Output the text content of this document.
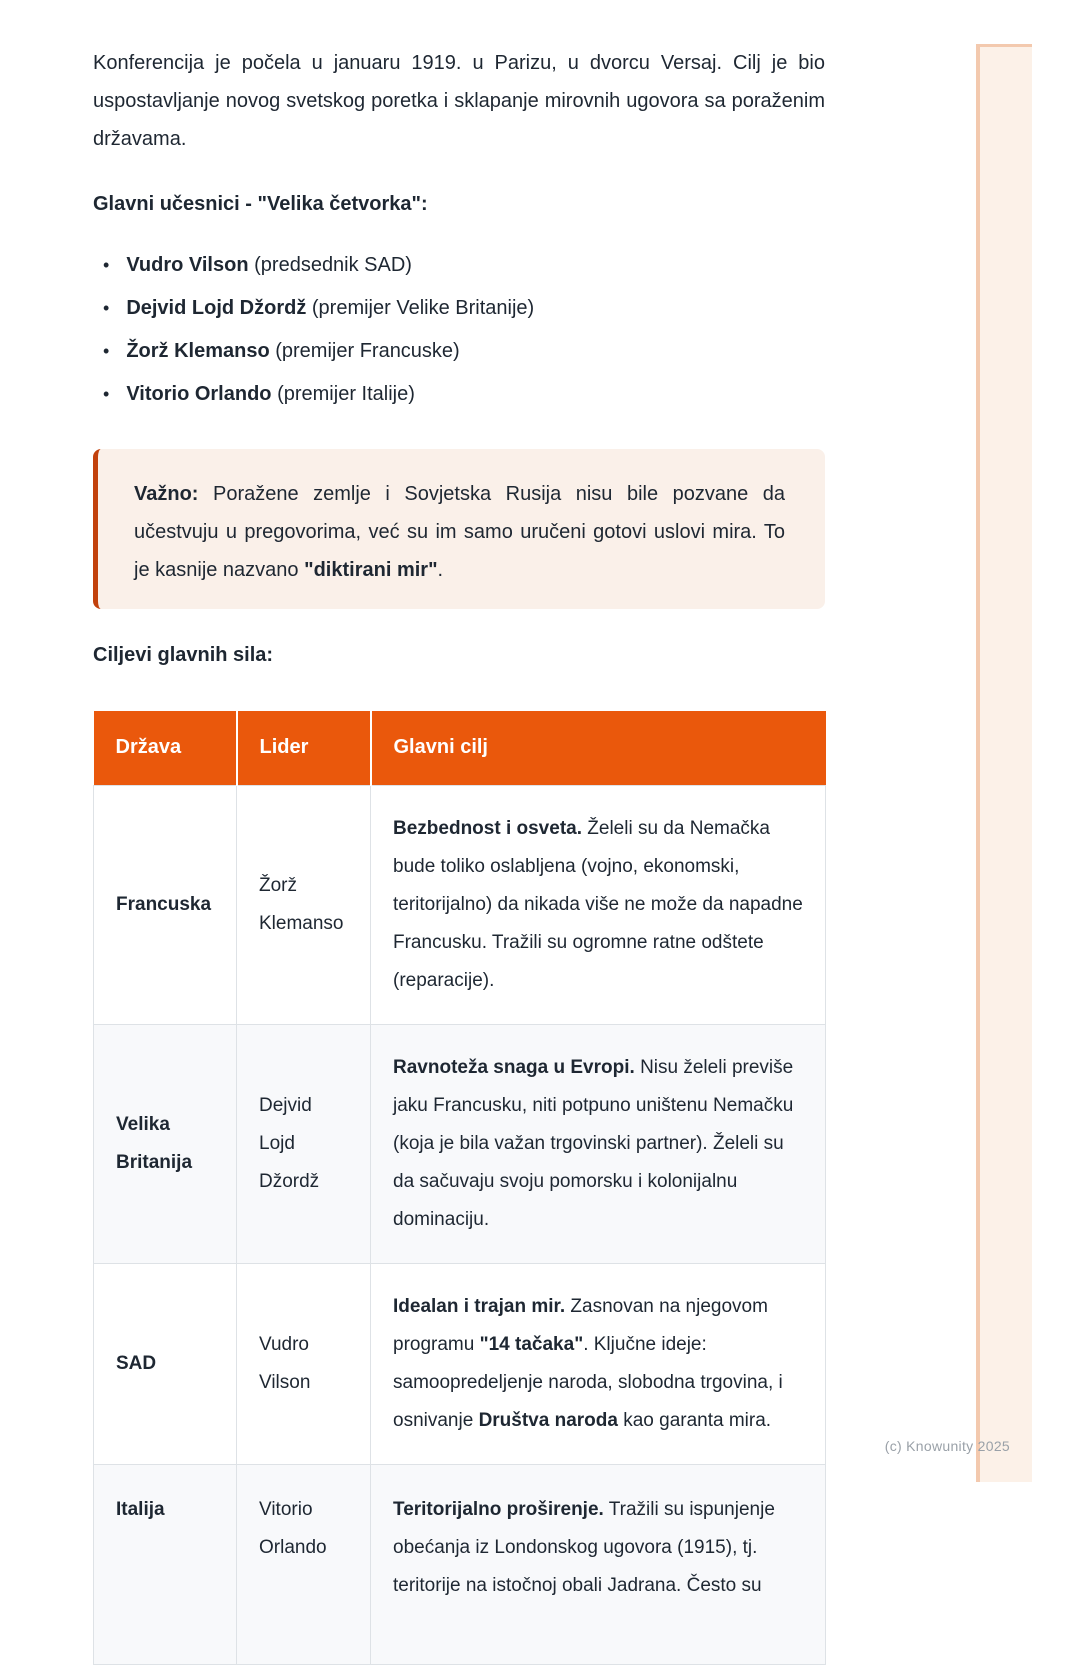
Konferencija je počela u januaru 1919. u Parizu, u dvorcu Versaj. Cilj je bio uspostavljanje novog svetskog poretka i sklapanje mirovnih ugovora sa poraženim državama.

Glavni učesnici - "Velika četvorka":
• Vudro Vilson (predsednik SAD)
• Dejvid Lojd Džordž (premijer Velike Britanije)
• Žorž Klemanso (premijer Francuske)
• Vitorio Orlando (premijer Italije)

Važno: Poražene zemlje i Sovjetska Rusija nisu bile pozvane da učestvuju u pregovorima, već su im samo uručeni gotovi uslovi mira. To je kasnije nazvano "diktirani mir".

Ciljevi glavnih sila:
Država	Lider	Glavni cilj
Francuska	Žorž Klemanso	Bezbednost i osveta. Želeli su da Nemačka bude toliko oslabljena (vojno, ekonomski, teritorijalno) da nikada više ne može da napadne Francusku. Tražili su ogromne ratne odštete (reparacije).
Velika Britanija	Dejvid Lojd Džordž	Ravnoteža snaga u Evropi. Nisu želeli previše jaku Francusku, niti potpuno uništenu Nemačku (koja je bila važan trgovinski partner). Želeli su da sačuvaju svoju pomorsku i kolonijalnu dominaciju.
SAD	Vudro Vilson	Idealan i trajan mir. Zasnovan na njegovom programu "14 tačaka". Ključne ideje: samoopredeljenje naroda, slobodna trgovina, i osnivanje Društva naroda kao garanta mira.
Italija	Vitorio Orlando	Teritorijalno proširenje. Tražili su ispunjenje obećanja iz Londonskog ugovora (1915), tj. teritorije na istočnoj obali Jadrana. Često su
(c) Knowunity 2025
